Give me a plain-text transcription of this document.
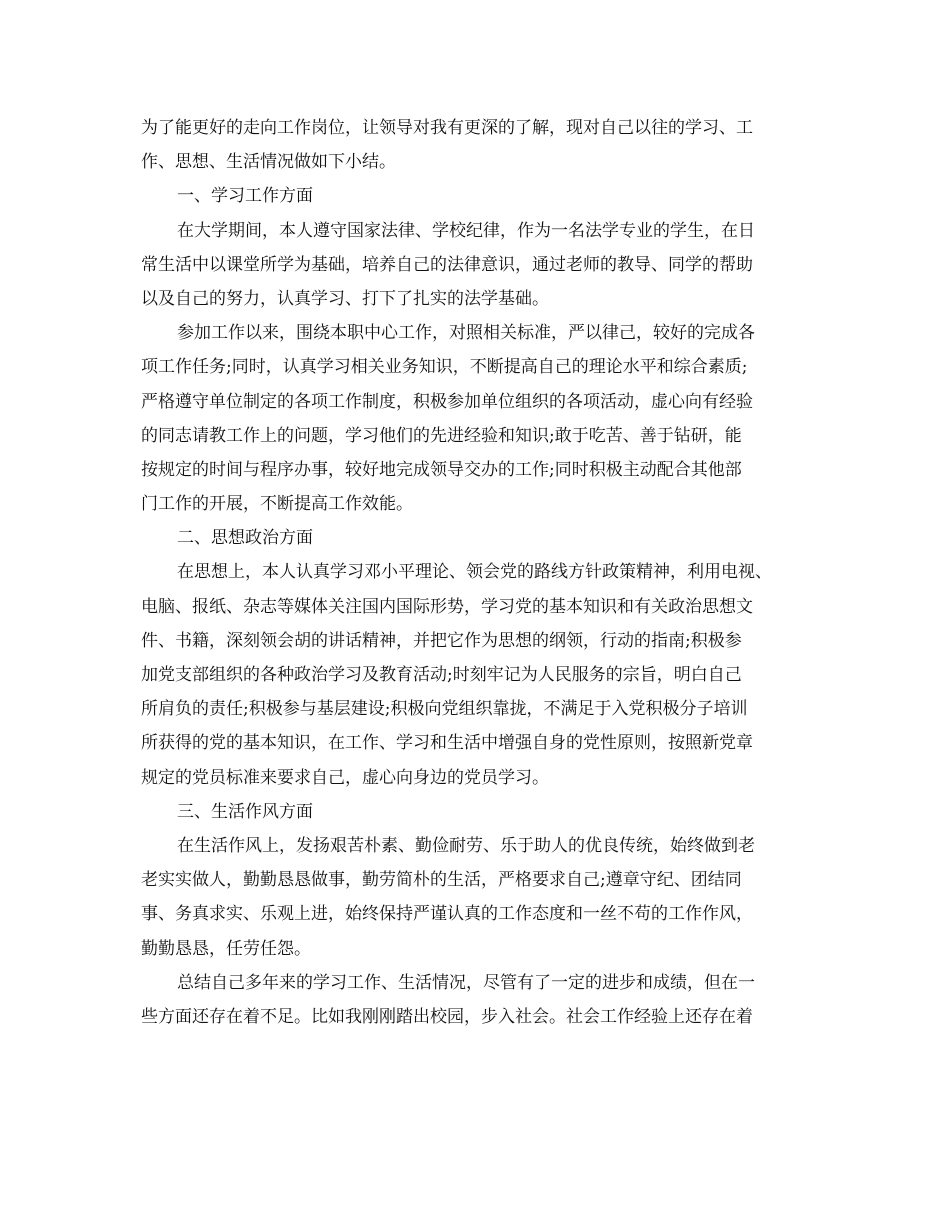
为了能更好的走向工作岗位，让领导对我有更深的了解，现对自己以往的学习、工
作、思想、生活情况做如下小结。
一、学习工作方面
在大学期间，本人遵守国家法律、学校纪律，作为一名法学专业的学生，在日
常生活中以课堂所学为基础，培养自己的法律意识，通过老师的教导、同学的帮助
以及自己的努力，认真学习、打下了扎实的法学基础。
参加工作以来，围绕本职中心工作，对照相关标准，严以律己，较好的完成各
项工作任务;同时，认真学习相关业务知识，不断提高自己的理论水平和综合素质;
严格遵守单位制定的各项工作制度，积极参加单位组织的各项活动，虚心向有经验
的同志请教工作上的问题，学习他们的先进经验和知识;敢于吃苦、善于钻研，能
按规定的时间与程序办事，较好地完成领导交办的工作;同时积极主动配合其他部
门工作的开展，不断提高工作效能。
二、思想政治方面
在思想上，本人认真学习邓小平理论、领会党的路线方针政策精神，利用电视、
电脑、报纸、杂志等媒体关注国内国际形势，学习党的基本知识和有关政治思想文
件、书籍，深刻领会胡的讲话精神，并把它作为思想的纲领，行动的指南;积极参
加党支部组织的各种政治学习及教育活动;时刻牢记为人民服务的宗旨，明白自己
所肩负的责任;积极参与基层建设;积极向党组织靠拢，不满足于入党积极分子培训
所获得的党的基本知识，在工作、学习和生活中增强自身的党性原则，按照新党章
规定的党员标准来要求自己，虚心向身边的党员学习。
三、生活作风方面
在生活作风上，发扬艰苦朴素、勤俭耐劳、乐于助人的优良传统，始终做到老
老实实做人，勤勤恳恳做事，勤劳简朴的生活，严格要求自己;遵章守纪、团结同
事、务真求实、乐观上进，始终保持严谨认真的工作态度和一丝不苟的工作作风，
勤勤恳恳，任劳任怨。
总结自己多年来的学习工作、生活情况，尽管有了一定的进步和成绩，但在一
些方面还存在着不足。比如我刚刚踏出校园，步入社会。社会工作经验上还存在着
